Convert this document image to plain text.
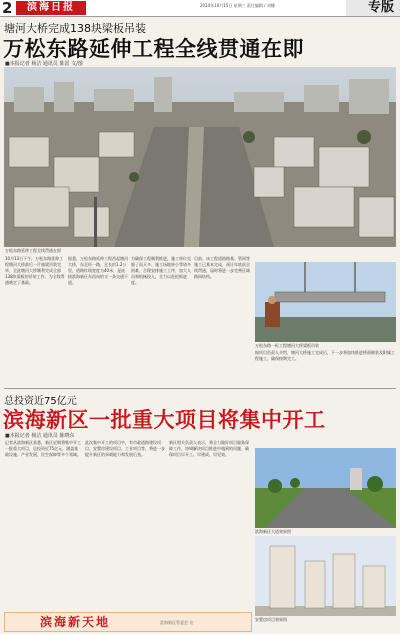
2	滨海日报	2014年10月15日 星期三 责任编辑 / 刘娜	专版
塘河大桥完成138块梁板吊装
万松东路延伸工程全线贯通在即
■本报记者 杨洁 通讯员 陈雷 文/图
万松东路延伸工程全线贯通在即
10月13日下午，万松东路延伸工程塘河大桥最后一片箱梁吊装完毕，至此塘河大桥顺利完成全部138块梁板的吊装工作，为全线贯通奠定了基础。
据悉，万松东路延伸工程西起塘河大桥，东至经一路，全长约1.2公里，道路红线宽度为40米，是连接滨海新区东西向的又一条交通干道。
为确保工程顺利推进，施工单位克服了雨天多、施工场地狭小等诸多困难，合理安排施工工序，加大人员和机械投入，全力以赴抢抓进度。
目前，该工程道路路基、管网等施工已基本完成，预计年底前全线贯通，届时将进一步完善区域路网结构。
万松东路一标工程塘河大桥梁板吊装
据项目负责人介绍，塘河大桥施工完成后，下一步将加快推进桥面铺装及附属工程施工，确保按期完工。
总投资近75亿元
滨海新区一批重大项目将集中开工
■本报记者 杨洁 通讯员 陈晓东
记者从滨海新区获悉，新区近期将集中开工一批重大项目，总投资近75亿元，涵盖基础设施、产业发展、民生保障等多个领域。
此次集中开工的项目中，有市政道路建设项目、安置房建设项目、工业项目等，将进一步提升新区的承载能力和发展后劲。
新区相关负责人表示，将全力做好项目服务保障工作，协调解决项目推进中遇到的问题，确保项目早开工、早建成、早见效。
滨海新区大道效果图
安置房项目效果图
滨海新天地	滨海新区管委会 宣
